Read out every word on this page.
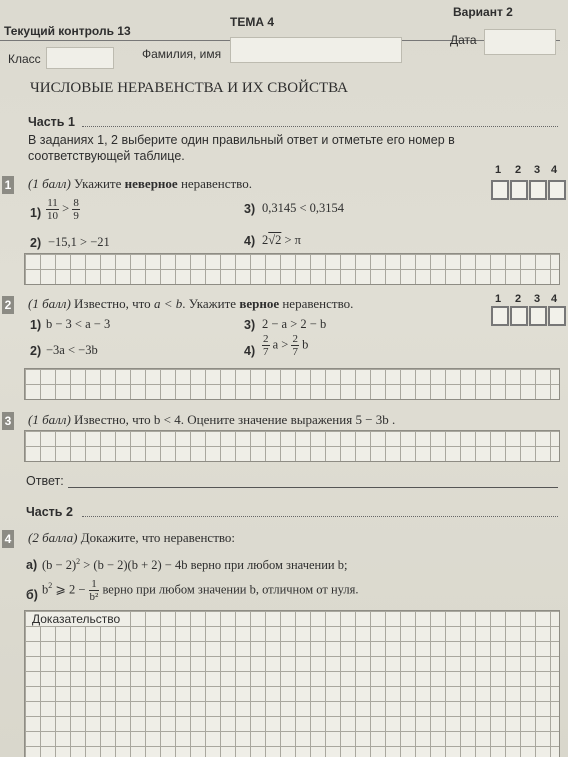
Текущий контроль 13
ТЕМА 4
Вариант 2
Класс	Фамилия, имя
Дата
ЧИСЛОВЫЕ НЕРАВЕНСТВА И ИХ СВОЙСТВА
Часть 1
В заданиях 1, 2 выберите один правильный ответ и отметьте его номер в соответствующей таблице.
1 2 3 4
1 (1 балл) Укажите неверное неравенство.
$1) \frac{11}{10} > \frac{8}{9}$	3) 0,3145 < 0,3154
2) −15,1 > −21	4) 2√2 > π
1 2 3 4
2 (1 балл) Известно, что a < b. Укажите верное неравенство.
1) b − 3 < a − 3	3) 2 − a > 2 − b
2) −3a < −3b	$4) \frac{2}{7}$ $a > \frac{2}{7}$ b
3 (1 балл) Известно, что b < 4. Оцените значение выражения 5 − 3b .
Ответ:
Часть 2
4 (2 балла) Докажите, что неравенство:
а) $(b - 2)^2 > (b - 2)(b + 2) - 4b$ верно при любом значении b;
б) $b^2$ ⩾ $2 - \frac{1}{\text{b²}}$ верно при любом значении b, отличном от нуля.
Доказательство
